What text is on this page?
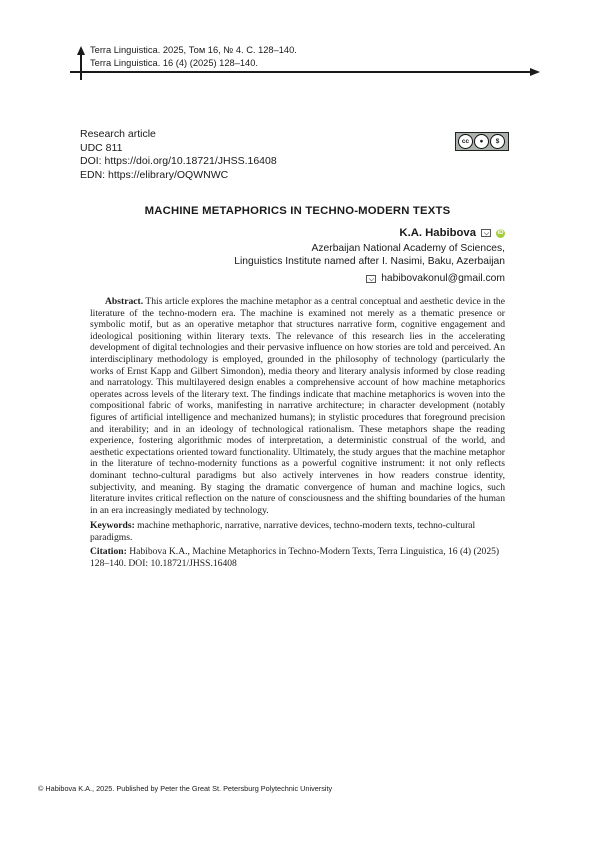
Terra Linguistica. 2025, Том 16, № 4. С. 128–140.
Terra Linguistica. 16 (4) (2025) 128–140.
Research article
UDC 811
DOI: https://doi.org/10.18721/JHSS.16408
EDN: https://elibrary/OQWNWC
cc	●	$
MACHINE METAPHORICS IN TECHNO-MODERN TEXTS
K.A. Habibova	iD
Azerbaijan National Academy of Sciences,
Linguistics Institute named after I. Nasimi, Baku, Azerbaijan
habibovakonul@gmail.com

Abstract. This article explores the machine metaphor as a central conceptual and aesthetic device in the literature of the techno-modern era. The machine is examined not merely as a thematic presence or symbolic motif, but as an operative metaphor that structures narrative form, cognitive engagement and ideological positioning within literary texts. The relevance of this research lies in the accelerating development of digital technologies and their pervasive influence on how stories are told and perceived. An interdisciplinary methodology is employed, grounded in the philosophy of technology (particularly the works of Ernst Kapp and Gilbert Simondon), media theory and literary analysis informed by close reading and narratology. This multilayered design enables a comprehensive account of how machine metaphorics operates across levels of the literary text. The findings indicate that machine metaphorics is woven into the compositional fabric of works, manifesting in narrative architecture; in character development (notably figures of artificial intelligence and mechanized humans); in stylistic procedures that foreground precision and iterability; and in an ideology of technological rationalism. These metaphors shape the reading experience, fostering algorithmic modes of interpretation, a deterministic construal of the world, and aesthetic expectations oriented toward functionality. Ultimately, the study argues that the machine metaphor in the literature of techno-modernity functions as a powerful cognitive instrument: it not only reflects dominant techno-cultural paradigms but also actively intervenes in how readers construe identity, subjectivity, and meaning. By staging the dramatic convergence of human and machine logics, such literature invites critical reflection on the nature of consciousness and the shifting boundaries of the human in an era increasingly mediated by technology.

Keywords: machine methaphoric, narrative, narrative devices, techno-modern texts, techno-cultural paradigms.

Citation: Habibova K.A., Machine Metaphorics in Techno-Modern Texts, Terra Linguistica, 16 (4) (2025) 128–140. DOI: 10.18721/JHSS.16408

© Habibova K.A., 2025. Published by Peter the Great St. Petersburg Polytechnic University
